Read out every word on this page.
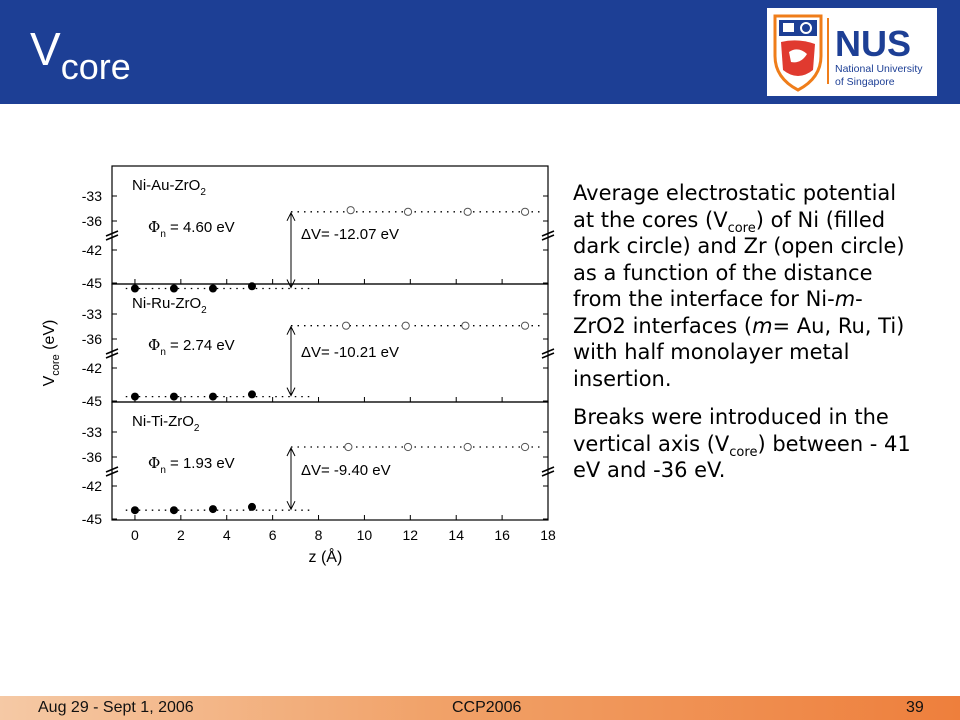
Vcore
NUS
National University
of Singapore
-33
-36
-42
-45
Ni-Au-ZrO$_2$
$\Phi_n = 4.60$ eV	ΔV= -12.07 eV
-33
-36
-42
-45
Ni-Ru-ZrO$_2$
$\Phi_n = 2.74$ eV	ΔV= -10.21 eV
-33
-36
-42
-45
Ni-Ti-ZrO$_2$
$\Phi_n = 1.93$ eV	ΔV= -9.40 eV
0	2	4	6	8 10 12 14 16 18
z (Å)
$V_{core}$ (eV)

Average electrostatic potential at the cores $(V_{core})$ of Ni (filled dark circle) and Zr (open circle) as a function of the distance from the interface for Ni-m-ZrO2 interfaces (m= Au, Ru, Ti) with half monolayer metal insertion.

Breaks were introduced in the vertical axis $(V_{core})$ between - 41 eV and -36 eV.

Aug 29 - Sept 1, 2006	CCP2006	39
